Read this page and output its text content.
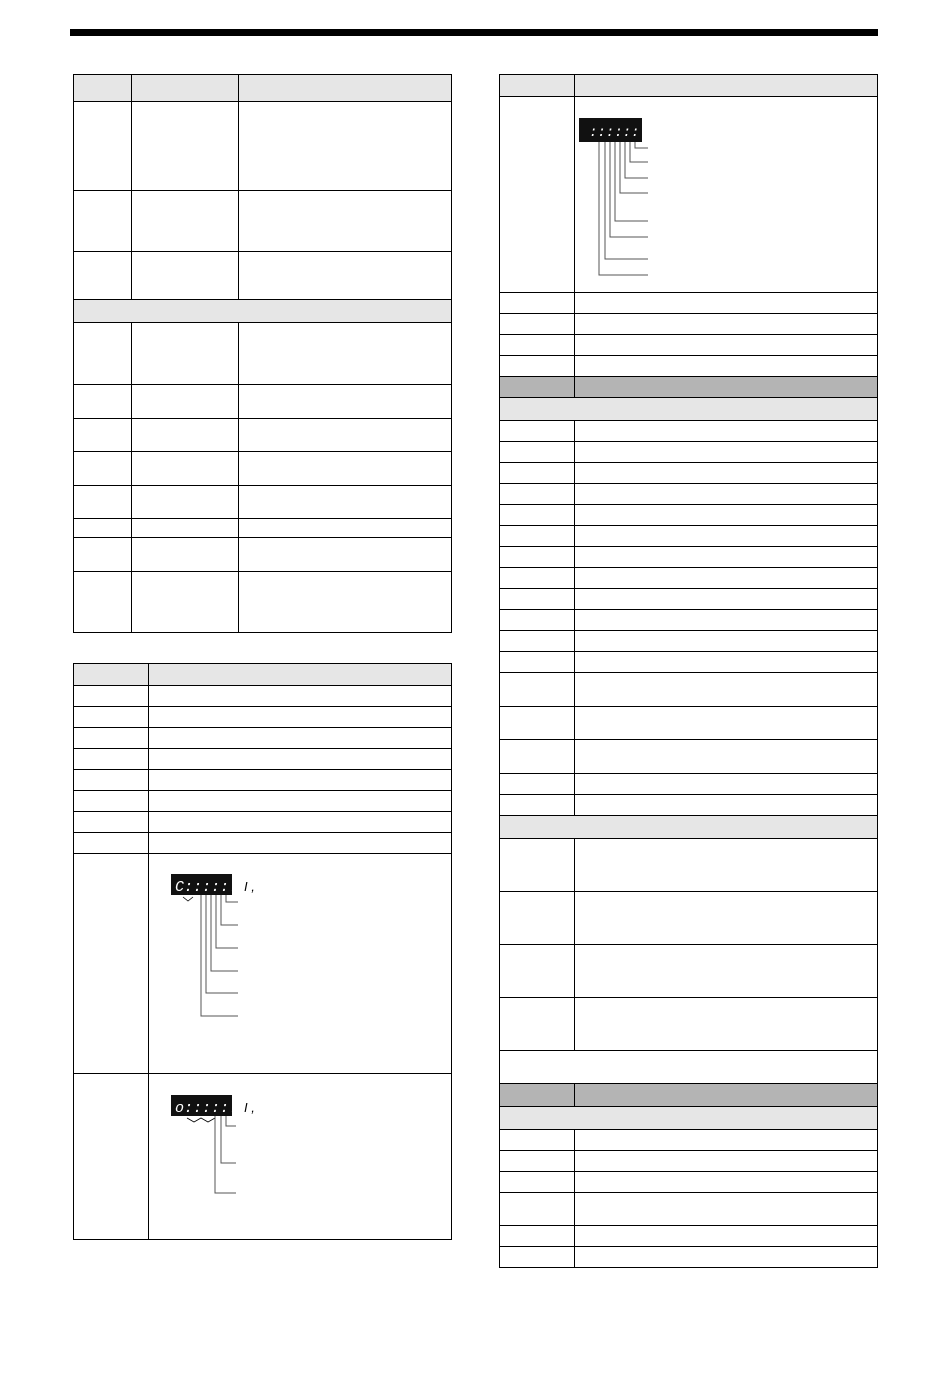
C:::::: I ,

o:::::: I ,

::::::
